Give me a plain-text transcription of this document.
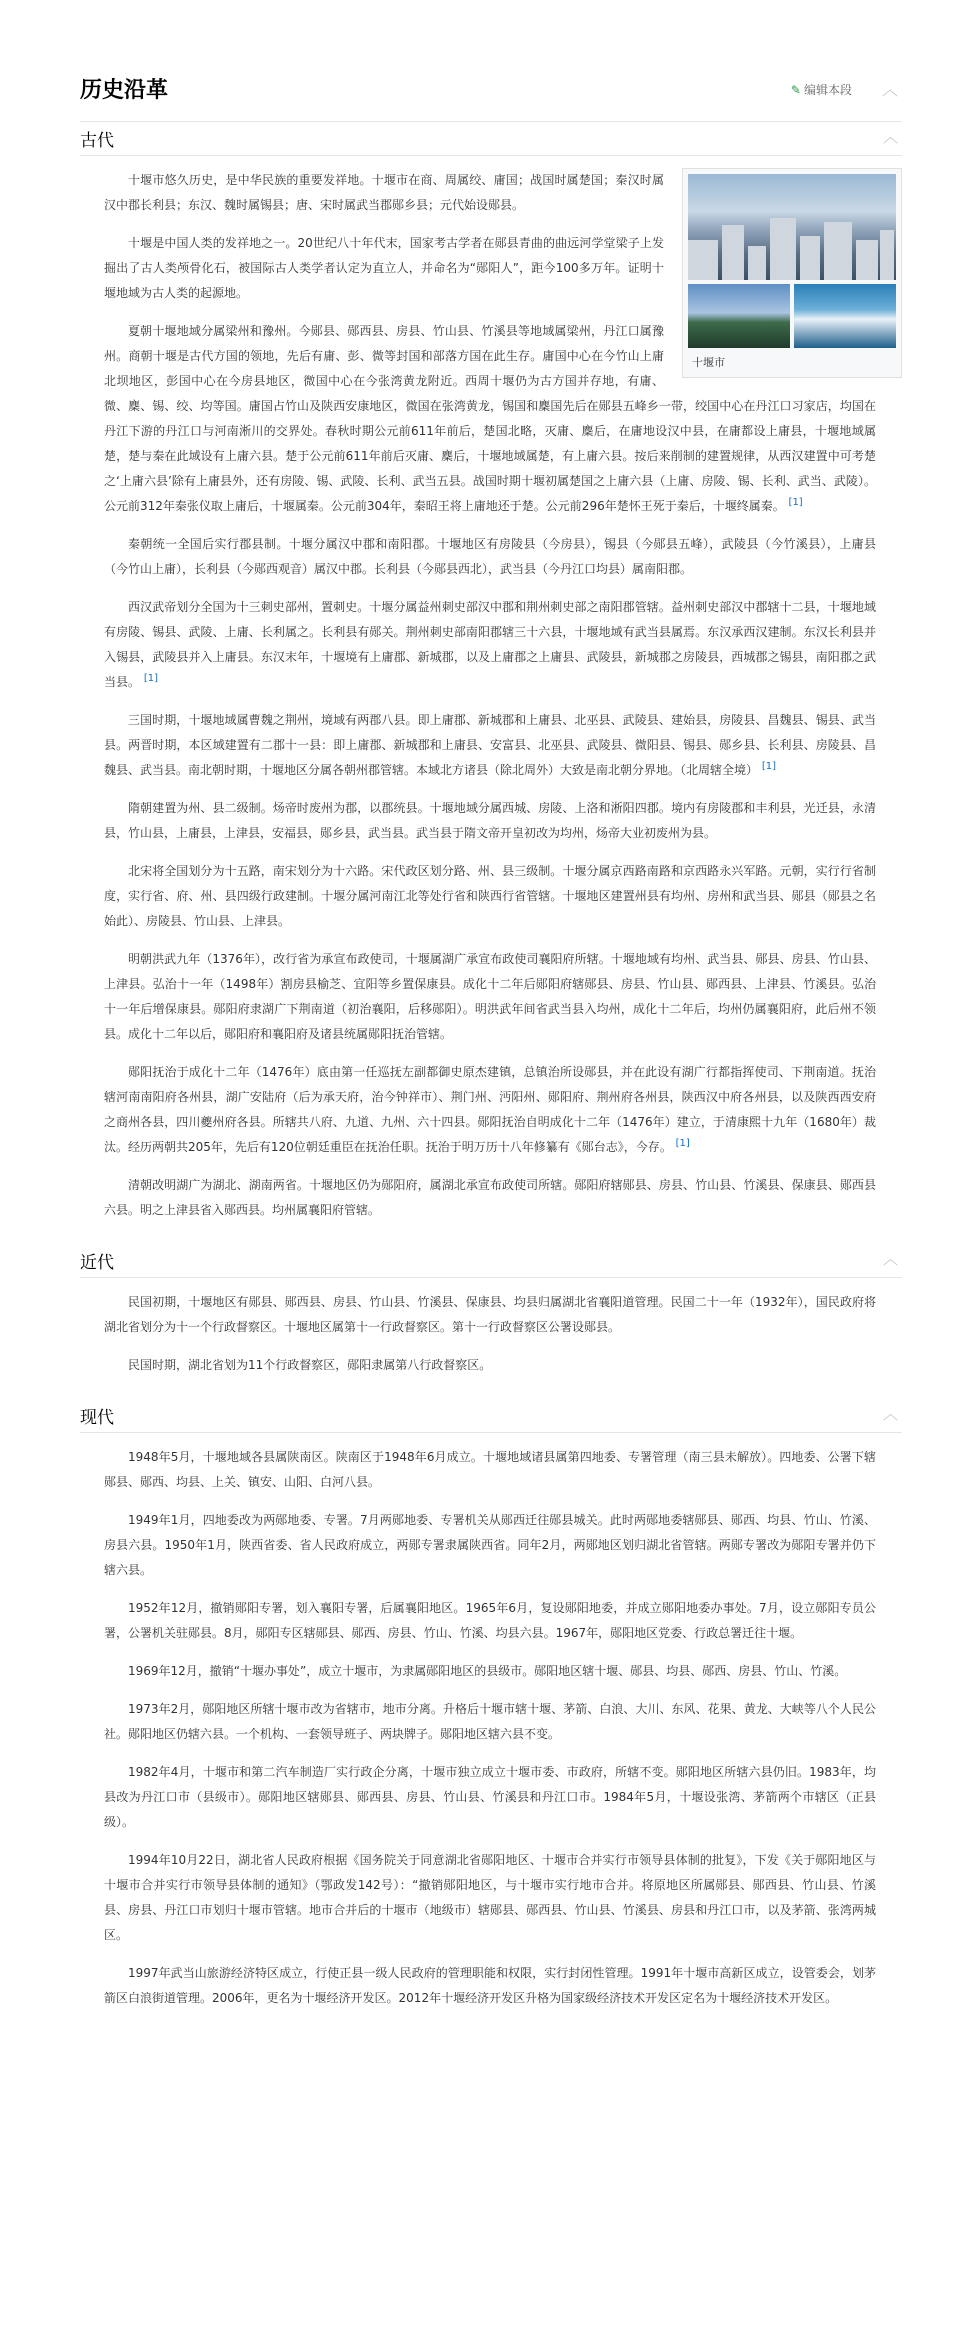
历史沿革	✎ 编辑本段 ︿
古代	︿
十堰市

十堰市悠久历史，是中华民族的重要发祥地。十堰市在商、周属绞、庸国；战国时属楚国；秦汉时属汉中郡长利县；东汉、魏时属锡县；唐、宋时属武当郡郧乡县；元代始设郧县。

十堰是中国人类的发祥地之一。20世纪八十年代末，国家考古学者在郧县青曲的曲远河学堂梁子上发掘出了古人类颅骨化石，被国际古人类学者认定为直立人，并命名为“郧阳人”，距今100多万年。证明十堰地域为古人类的起源地。

夏朝十堰地域分属梁州和豫州。今郧县、郧西县、房县、竹山县、竹溪县等地域属梁州，丹江口属豫州。商朝十堰是古代方国的领地，先后有庸、彭、微等封国和部落方国在此生存。庸国中心在今竹山上庸北坝地区，彭国中心在今房县地区，微国中心在今张湾黄龙附近。西周十堰仍为古方国并存地，有庸、微、麇、锡、绞、均等国。庸国占竹山及陕西安康地区，微国在张湾黄龙，锡国和麇国先后在郧县五峰乡一带，绞国中心在丹江口习家店，均国在丹江下游的丹江口与河南淅川的交界处。春秋时期公元前611年前后，楚国北略，灭庸、麇后，在庸地设汉中县，在庸都设上庸县，十堰地域属楚，楚与秦在此域设有上庸六县。楚于公元前611年前后灭庸、麇后，十堰地域属楚，有上庸六县。按后来削制的建置规律，从西汉建置中可考楚之‘上庸六县’除有上庸县外，还有房陵、锡、武陵、长利、武当五县。战国时期十堰初属楚国之上庸六县（上庸、房陵、锡、长利、武当、武陵）。公元前312年秦张仪取上庸后，十堰属秦。公元前304年，秦昭王将上庸地还于楚。公元前296年楚怀王死于秦后，十堰终属秦。 [1]

秦朝统一全国后实行郡县制。十堰分属汉中郡和南阳郡。十堰地区有房陵县（今房县），锡县（今郧县五峰），武陵县（今竹溪县），上庸县（今竹山上庸），长利县（今郧西观音）属汉中郡。长利县（今郧县西北），武当县（今丹江口均县）属南阳郡。

西汉武帝划分全国为十三刺史部州，置刺史。十堰分属益州刺史部汉中郡和荆州刺史部之南阳郡管辖。益州刺史部汉中郡辖十二县，十堰地域有房陵、锡县、武陵、上庸、长利属之。长利县有郧关。荆州刺史部南阳郡辖三十六县，十堰地域有武当县属焉。东汉承西汉建制。东汉长利县并入锡县，武陵县并入上庸县。东汉末年，十堰境有上庸郡、新城郡，以及上庸郡之上庸县、武陵县，新城郡之房陵县，西城郡之锡县，南阳郡之武当县。 [1]

三国时期，十堰地域属曹魏之荆州，境域有两郡八县。即上庸郡、新城郡和上庸县、北巫县、武陵县、建始县，房陵县、昌魏县、锡县、武当县。两晋时期，本区域建置有二郡十一县：即上庸郡、新城郡和上庸县、安富县、北巫县、武陵县、微阳县、锡县、郧乡县、长利县、房陵县、昌魏县、武当县。南北朝时期，十堰地区分属各朝州郡管辖。本域北方诸县（除北周外）大致是南北朝分界地。（北周辖全境） [1]

隋朝建置为州、县二级制。炀帝时废州为郡，以郡统县。十堰地域分属西城、房陵、上洛和淅阳四郡。境内有房陵郡和丰利县，光迁县，永清县，竹山县，上庸县，上津县，安福县，郧乡县，武当县。武当县于隋文帝开皇初改为均州，炀帝大业初废州为县。

北宋将全国划分为十五路，南宋划分为十六路。宋代政区划分路、州、县三级制。十堰分属京西路南路和京西路永兴军路。元朝，实行行省制度，实行省、府、州、县四级行政建制。十堰分属河南江北等处行省和陕西行省管辖。十堰地区建置州县有均州、房州和武当县、郧县（郧县之名始此）、房陵县、竹山县、上津县。

明朝洪武九年（1376年），改行省为承宣布政使司，十堰属湖广承宣布政使司襄阳府所辖。十堰地域有均州、武当县、郧县、房县、竹山县、上津县。弘治十一年（1498年）割房县榆芝、宜阳等乡置保康县。成化十二年后郧阳府辖郧县、房县、竹山县、郧西县、上津县、竹溪县。弘治十一年后增保康县。郧阳府隶湖广下荆南道（初治襄阳，后移郧阳）。明洪武年间省武当县入均州，成化十二年后，均州仍属襄阳府，此后州不领县。成化十二年以后，郧阳府和襄阳府及诸县统属郧阳抚治管辖。

郧阳抚治于成化十二年（1476年）底由第一任巡抚左副都御史原杰建镇，总镇治所设郧县，并在此设有湖广行都指挥使司、下荆南道。抚治辖河南南阳府各州县，湖广安陆府（后为承天府，治今钟祥市）、荆门州、沔阳州、郧阳府、荆州府各州县，陕西汉中府各州县，以及陕西西安府之商州各县，四川夔州府各县。所辖共八府、九道、九州、六十四县。郧阳抚治自明成化十二年（1476年）建立，于清康熙十九年（1680年）裁汰。经历两朝共205年，先后有120位朝廷重臣在抚治任职。抚治于明万历十八年修纂有《郧台志》，今存。 [1]

清朝改明湖广为湖北、湖南两省。十堰地区仍为郧阳府，属湖北承宣布政使司所辖。郧阳府辖郧县、房县、竹山县、竹溪县、保康县、郧西县六县。明之上津县省入郧西县。均州属襄阳府管辖。

近代	︿

民国初期，十堰地区有郧县、郧西县、房县、竹山县、竹溪县、保康县、均县归属湖北省襄阳道管理。民国二十一年（1932年），国民政府将湖北省划分为十一个行政督察区。十堰地区属第十一行政督察区。第十一行政督察区公署设郧县。

民国时期，湖北省划为11个行政督察区，郧阳隶属第八行政督察区。

现代	︿

1948年5月，十堰地域各县属陕南区。陕南区于1948年6月成立。十堰地域诸县属第四地委、专署管理（南三县未解放）。四地委、公署下辖郧县、郧西、均县、上关、镇安、山阳、白河八县。

1949年1月，四地委改为两郧地委、专署。7月两郧地委、专署机关从郧西迁往郧县城关。此时两郧地委辖郧县、郧西、均县、竹山、竹溪、房县六县。1950年1月，陕西省委、省人民政府成立，两郧专署隶属陕西省。同年2月，两郧地区划归湖北省管辖。两郧专署改为郧阳专署并仍下辖六县。

1952年12月，撤销郧阳专署，划入襄阳专署，后属襄阳地区。1965年6月，复设郧阳地委，并成立郧阳地委办事处。7月，设立郧阳专员公署，公署机关驻郧县。8月，郧阳专区辖郧县、郧西、房县、竹山、竹溪、均县六县。1967年，郧阳地区党委、行政总署迁往十堰。

1969年12月，撤销“十堰办事处”，成立十堰市，为隶属郧阳地区的县级市。郧阳地区辖十堰、郧县、均县、郧西、房县、竹山、竹溪。

1973年2月，郧阳地区所辖十堰市改为省辖市，地市分离。升格后十堰市辖十堰、茅箭、白浪、大川、东风、花果、黄龙、大峡等八个人民公社。郧阳地区仍辖六县。一个机构、一套领导班子、两块牌子。郧阳地区辖六县不变。

1982年4月，十堰市和第二汽车制造厂实行政企分离，十堰市独立成立十堰市委、市政府，所辖不变。郧阳地区所辖六县仍旧。1983年，均县改为丹江口市（县级市）。郧阳地区辖郧县、郧西县、房县、竹山县、竹溪县和丹江口市。1984年5月，十堰设张湾、茅箭两个市辖区（正县级）。

1994年10月22日，湖北省人民政府根据《国务院关于同意湖北省郧阳地区、十堰市合并实行市领导县体制的批复》，下发《关于郧阳地区与十堰市合并实行市领导县体制的通知》（鄂政发142号）：“撤销郧阳地区，与十堰市实行地市合并。将原地区所属郧县、郧西县、竹山县、竹溪县、房县、丹江口市划归十堰市管辖。地市合并后的十堰市（地级市）辖郧县、郧西县、竹山县、竹溪县、房县和丹江口市，以及茅箭、张湾两城区。

1997年武当山旅游经济特区成立，行使正县一级人民政府的管理职能和权限，实行封闭性管理。1991年十堰市高新区成立，设管委会，划茅箭区白浪街道管理。2006年，更名为十堰经济开发区。2012年十堰经济开发区升格为国家级经济技术开发区定名为十堰经济技术开发区。
